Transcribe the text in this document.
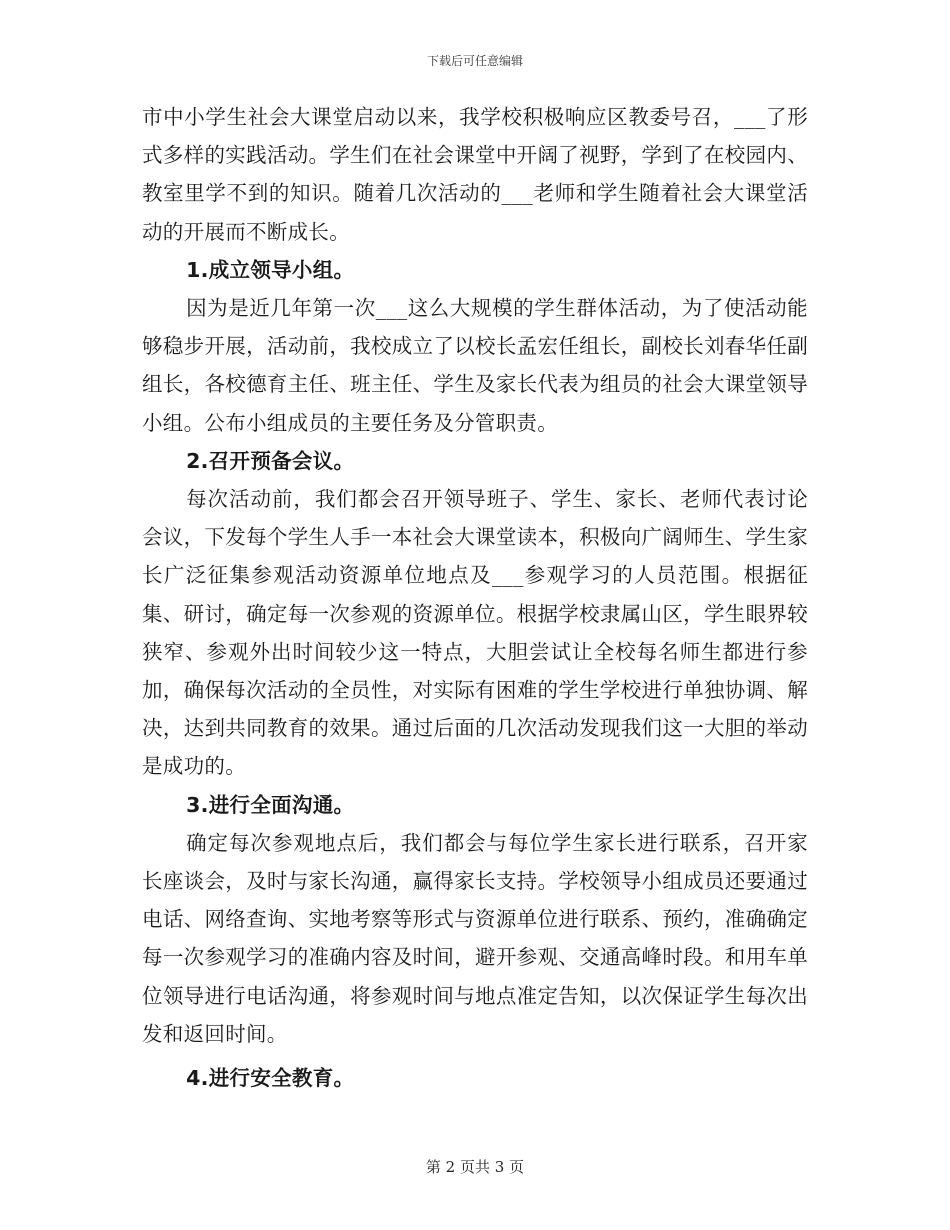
下载后可任意编辑

市中小学生社会大课堂启动以来，我学校积极响应区教委号召，___了形式多样的实践活动。学生们在社会课堂中开阔了视野，学到了在校园内、教室里学不到的知识。随着几次活动的___老师和学生随着社会大课堂活动的开展而不断成长。

1.成立领导小组。

因为是近几年第一次___这么大规模的学生群体活动，为了使活动能够稳步开展，活动前，我校成立了以校长孟宏任组长，副校长刘春华任副组长，各校德育主任、班主任、学生及家长代表为组员的社会大课堂领导小组。公布小组成员的主要任务及分管职责。

2.召开预备会议。

每次活动前，我们都会召开领导班子、学生、家长、老师代表讨论会议，下发每个学生人手一本社会大课堂读本，积极向广阔师生、学生家长广泛征集参观活动资源单位地点及___参观学习的人员范围。根据征集、研讨，确定每一次参观的资源单位。根据学校隶属山区，学生眼界较狭窄、参观外出时间较少这一特点，大胆尝试让全校每名师生都进行参加，确保每次活动的全员性，对实际有困难的学生学校进行单独协调、解决，达到共同教育的效果。通过后面的几次活动发现我们这一大胆的举动是成功的。

3.进行全面沟通。

确定每次参观地点后，我们都会与每位学生家长进行联系，召开家长座谈会，及时与家长沟通，赢得家长支持。学校领导小组成员还要通过电话、网络查询、实地考察等形式与资源单位进行联系、预约，准确确定每一次参观学习的准确内容及时间，避开参观、交通高峰时段。和用车单位领导进行电话沟通，将参观时间与地点准定告知，以次保证学生每次出发和返回时间。

4.进行安全教育。
第 2 页共 3 页
